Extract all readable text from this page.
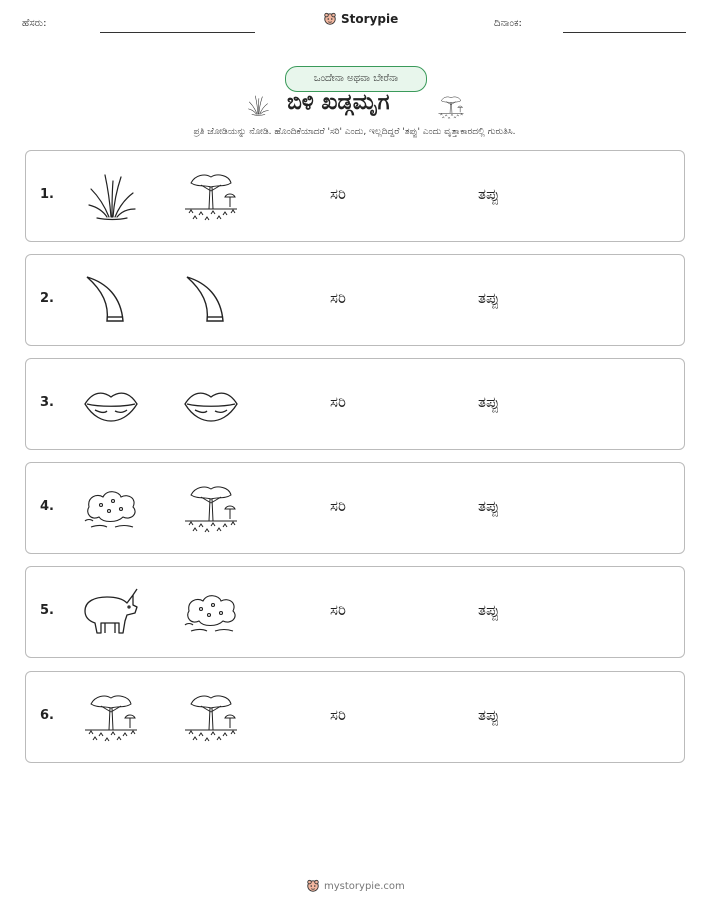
ಹೆಸರು:	Storypie	ದಿನಾಂಕ:
ಒಂದೇನಾ ಅಥವಾ ಬೇರೆನಾ
ಬಿಳಿ ಖಡ್ಗಮೃಗ
ಪ್ರತಿ ಜೋಡಿಯನ್ನು ನೋಡಿ. ಹೊಂದಿಕೆಯಾದರೆ 'ಸರಿ' ಎಂದು, ಇಲ್ಲದಿದ್ದರೆ 'ತಪ್ಪು' ಎಂದು ವೃತ್ತಾಕಾರದಲ್ಲಿ ಗುರುತಿಸಿ.
1.	ಸರಿ	ತಪ್ಪು
2.	ಸರಿ	ತಪ್ಪು
3.	ಸರಿ	ತಪ್ಪು
4.	ಸರಿ	ತಪ್ಪು
5.	ಸರಿ	ತಪ್ಪು
6.	ಸರಿ	ತಪ್ಪು
mystorypie.com
